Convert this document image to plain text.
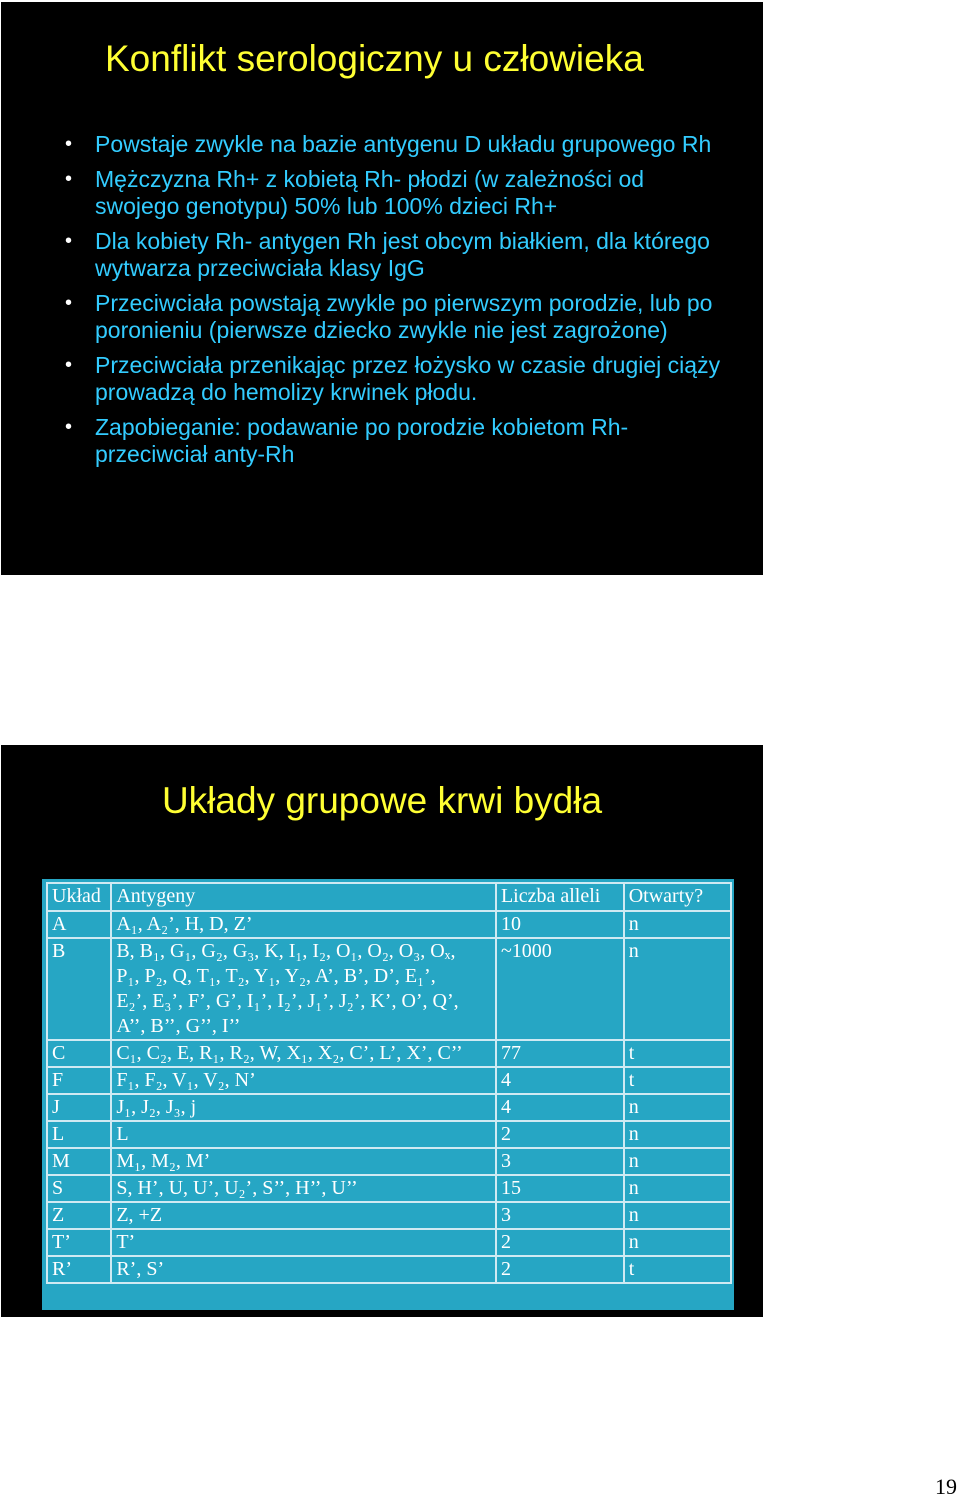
Konflikt serologiczny u człowieka
• Powstaje zwykle na bazie antygenu D układu grupowego Rh
• Mężczyzna Rh+ z kobietą Rh- płodzi (w zależności od swojego genotypu) 50% lub 100% dzieci Rh+
• Dla kobiety Rh- antygen Rh jest obcym białkiem, dla którego wytwarza przeciwciała klasy IgG
• Przeciwciała powstają zwykle po pierwszym porodzie, lub po poronieniu (pierwsze dziecko zwykle nie jest zagrożone)
• Przeciwciała przenikając przez łożysko w czasie drugiej ciąży prowadzą do hemolizy krwinek płodu.
• Zapobieganie: podawanie po porodzie kobietom Rh- przeciwciał anty-Rh
Układy grupowe krwi bydła
Układ	Antygeny	Liczba alleli	Otwarty?
A	A₁, A₂’, H, D, Z’	10	n
B	B, B₁, G₁, G₂, G₃, K, I₁, I₂, O₁, O₂, O₃, Oₓ,
P₁, P₂, Q, T₁, T₂, Y₁, Y₂, A’, B’, D’, E₁’,
E₂’, E₃’, F’, G’, I₁’, I₂’, J₁’, J₂’, K’, O’, Q’,
A’’, B’’, G’’, I’’	~1000	n
C	C₁, C₂, E, R₁, R₂, W, X₁, X₂, C’, L’, X’, C’’	77	t
F	F₁, F₂, V₁, V₂, N’	4	t
J	J₁, J₂, J₃, j	4	n
L	L	2	n
M	M₁, M₂, M’	3	n
S	S, H’, U, U’, U₂’, S’’, H’’, U’’	15	n
Z	Z, +Z	3	n
T’	T’	2	n
R’	R’, S’	2	t
19
